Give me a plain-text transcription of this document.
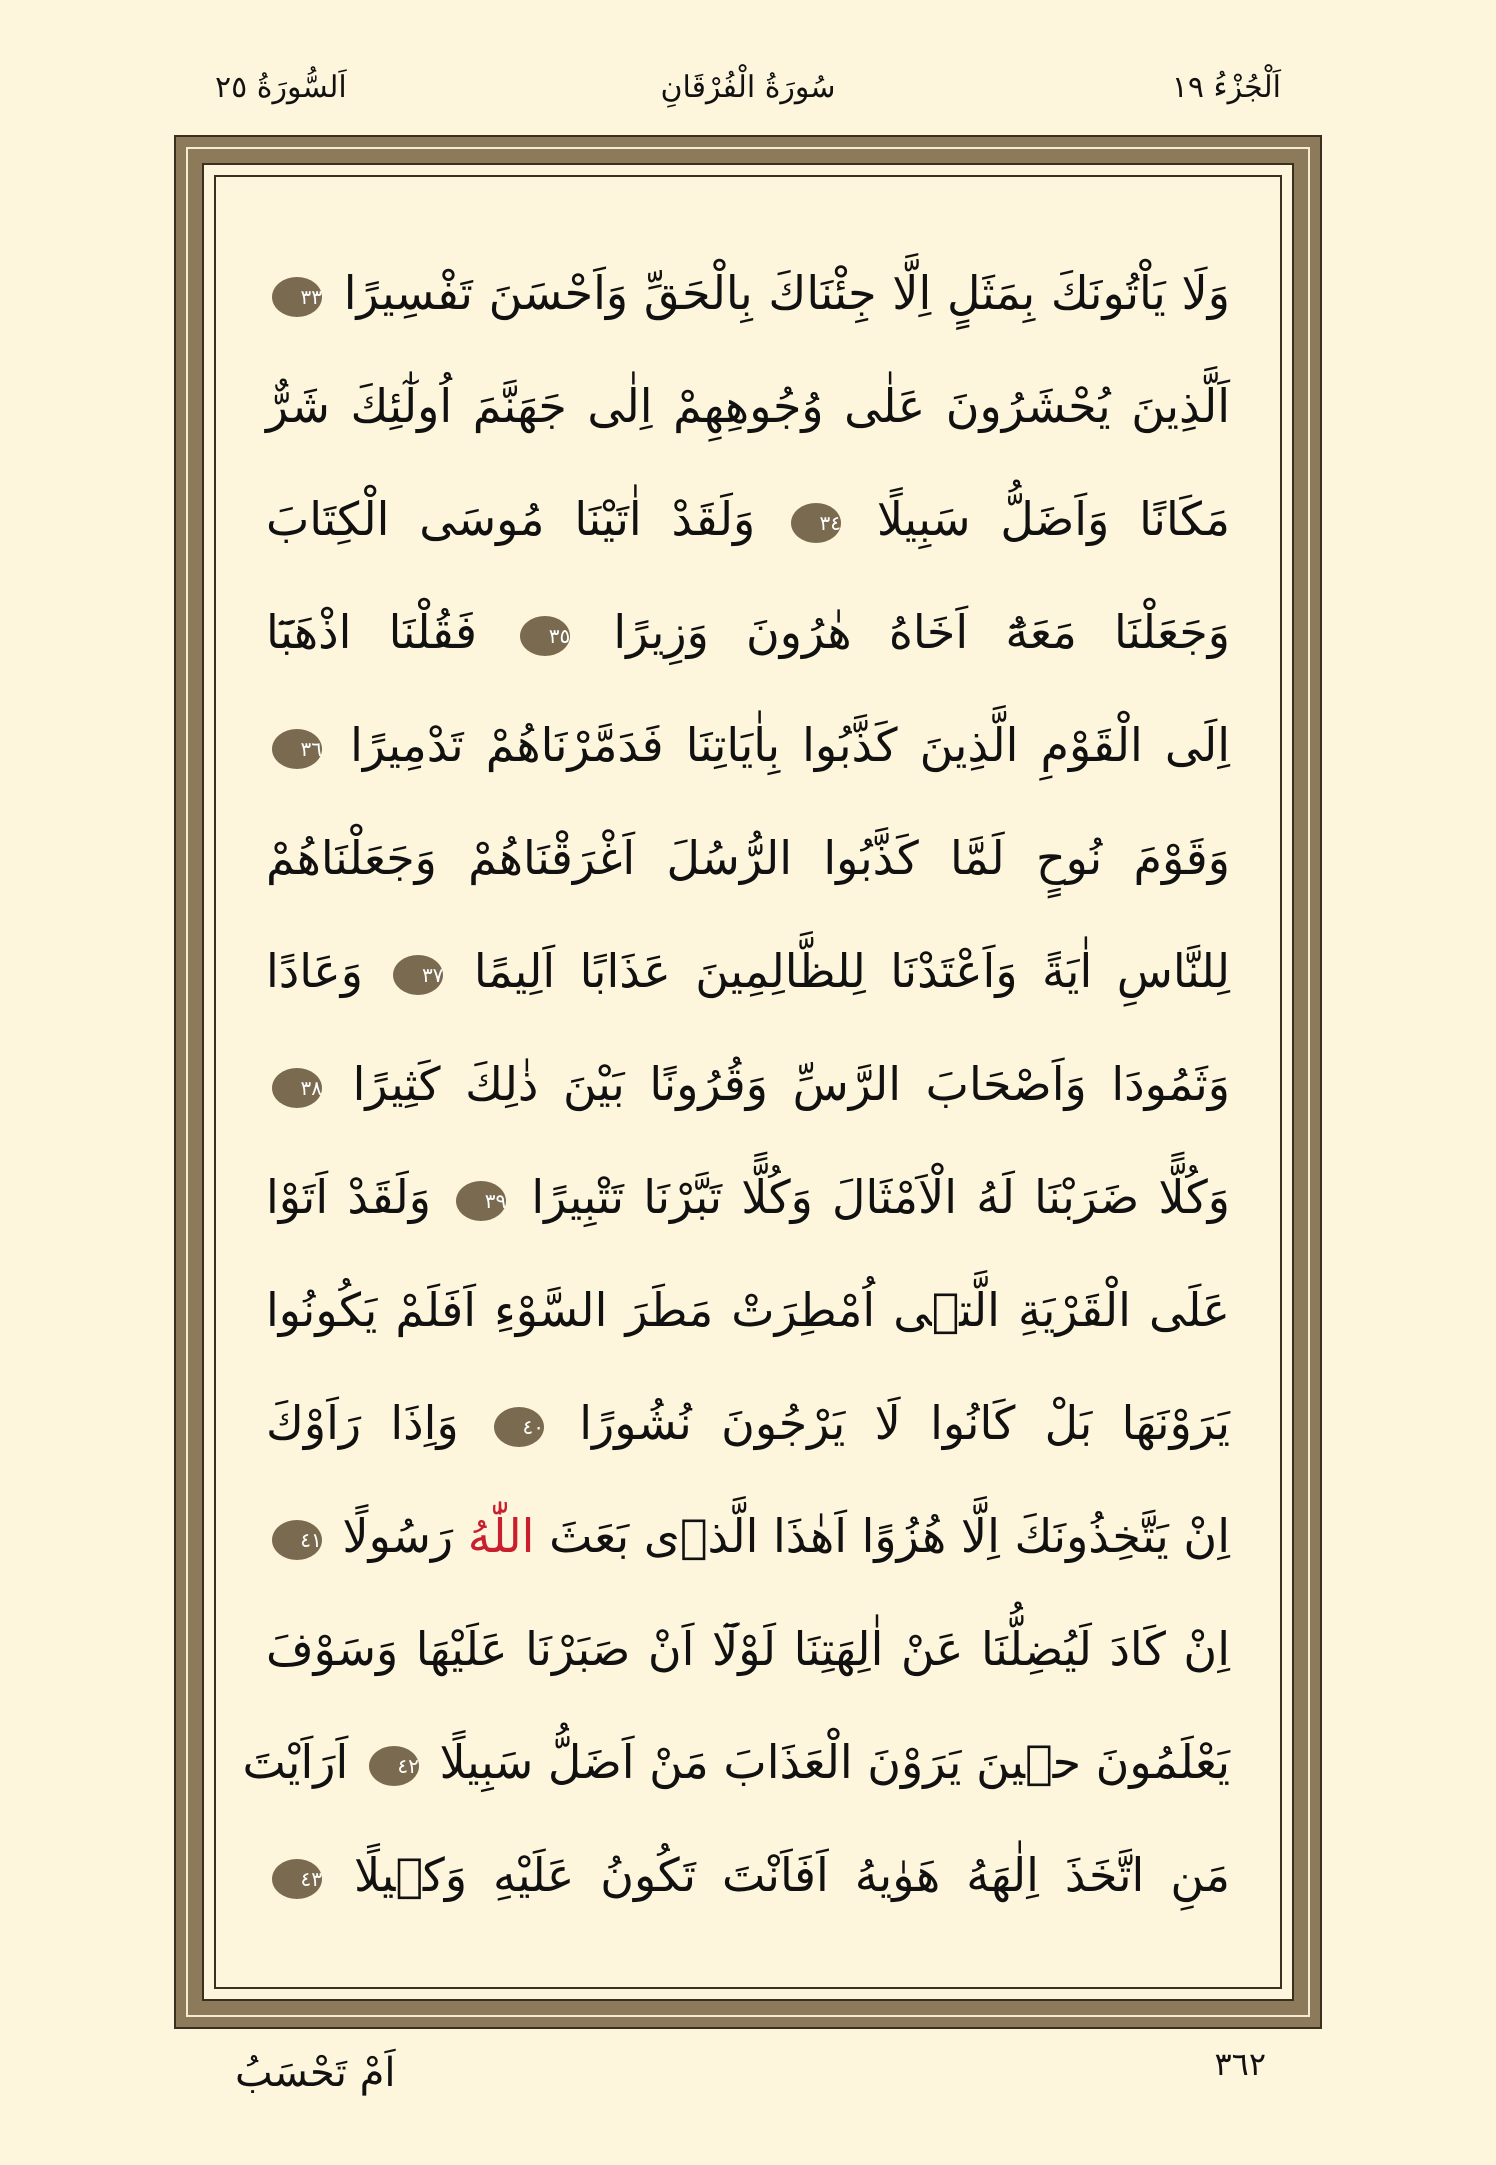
اَلْجُزْءُ ١٩
سُورَةُ الْفُرْقَانِ
اَلسُّورَةُ ٢٥
وَلَا يَاْتُونَكَ بِمَثَلٍ اِلَّا جِئْنَاكَ بِالْحَقِّ وَاَحْسَنَ تَفْسِيرًا ٣٣
اَلَّذِينَ يُحْشَرُونَ عَلٰى وُجُوهِهِمْ اِلٰى جَهَنَّمَ اُولٰٓئِكَ شَرٌّ
مَكَانًا وَاَضَلُّ سَبِيلًا ٣٤ وَلَقَدْ اٰتَيْنَا مُوسَى الْكِتَابَ
وَجَعَلْنَا مَعَهُٓ اَخَاهُ هٰرُونَ وَزِيرًا ٣٥ فَقُلْنَا اذْهَبَٓا
اِلَى الْقَوْمِ الَّذِينَ كَذَّبُوا بِاٰيَاتِنَا فَدَمَّرْنَاهُمْ تَدْمِيرًا ٣٦
وَقَوْمَ نُوحٍ لَمَّا كَذَّبُوا الرُّسُلَ اَغْرَقْنَاهُمْ وَجَعَلْنَاهُمْ
لِلنَّاسِ اٰيَةً وَاَعْتَدْنَا لِلظَّالِمِينَ عَذَابًا اَلِيمًا ٣٧ وَعَادًا
وَثَمُودَا وَاَصْحَابَ الرَّسِّ وَقُرُونًا بَيْنَ ذٰلِكَ كَثِيرًا ٣٨
وَكُلًّا ضَرَبْنَا لَهُ الْاَمْثَالَ وَكُلًّا تَبَّرْنَا تَتْبِيرًا ٣٩ وَلَقَدْ اَتَوْا
عَلَى الْقَرْيَةِ الَّتٖى اُمْطِرَتْ مَطَرَ السَّوْءِ اَفَلَمْ يَكُونُوا
يَرَوْنَهَا بَلْ كَانُوا لَا يَرْجُونَ نُشُورًا ٤٠ وَاِذَا رَاَوْكَ
اِنْ يَتَّخِذُونَكَ اِلَّا هُزُوًا اَهٰذَا الَّذٖى بَعَثَ اللّٰهُ رَسُولًا ٤١
اِنْ كَادَ لَيُضِلُّنَا عَنْ اٰلِهَتِنَا لَوْلَٓا اَنْ صَبَرْنَا عَلَيْهَا وَسَوْفَ
يَعْلَمُونَ حٖينَ يَرَوْنَ الْعَذَابَ مَنْ اَضَلُّ سَبِيلًا ٤٢ اَرَاَيْتَ
مَنِ اتَّخَذَ اِلٰهَهُ هَوٰيهُ اَفَاَنْتَ تَكُونُ عَلَيْهِ وَكٖيلًا ٤٣
اَمْ تَحْسَبُ	٣٦٢
